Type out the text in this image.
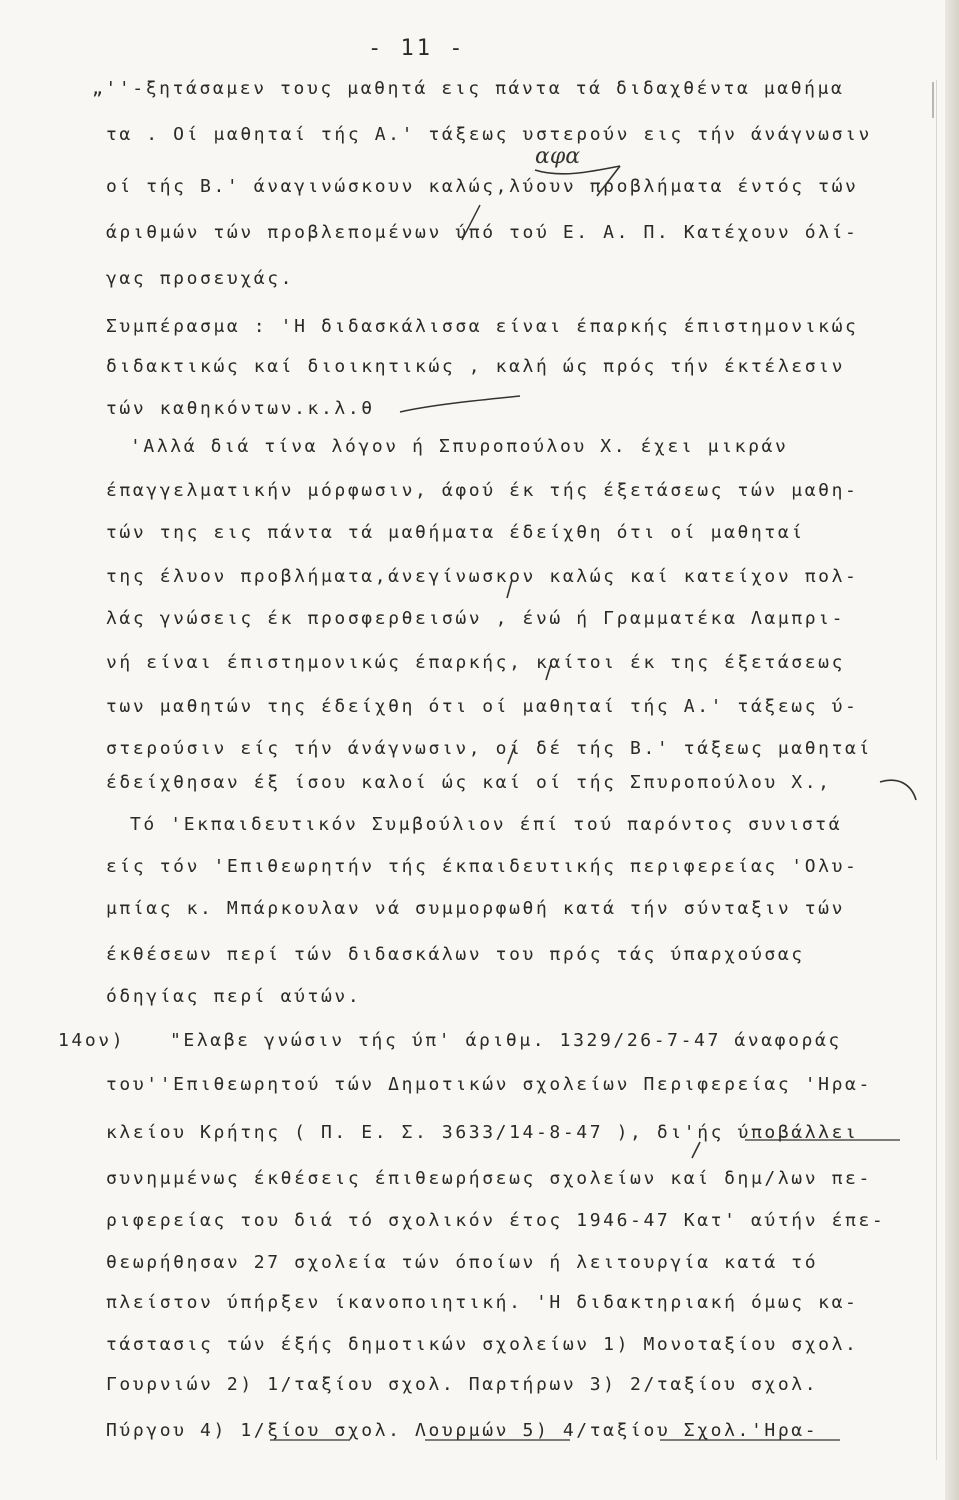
- 11 -
„''-ξητάσαμεν τους μαθητά εις πάντα τά διδαχθέντα μαθήμα
τα . Οί μαθηταί τής Α.' τάξεως υστερούν εις τήν άνάγνωσιν
οί τής Β.' άναγινώσκουν καλώς,λύουν προβλήματα έντός τών
άριθμών τών προβλεπομένων ύπό τού Ε. Α. Π. Κατέχουν όλί-
γας προσευχάς.
Συμπέρασμα : 'Η διδασκάλισσα είναι έπαρκής έπιστημονικώς
διδακτικώς καί διοικητικώς , καλή ώς πρός τήν έκτέλεσιν
τών καθηκόντων.κ.λ.θ
'Αλλά διά τίνα λόγον ή Σπυροπούλου Χ. έχει μικράν
έπαγγελματικήν μόρφωσιν, άφού έκ τής έξετάσεως τών μαθη-
τών της εις πάντα τά μαθήματα έδείχθη ότι οί μαθηταί
της έλυον προβλήματα,άνεγίνωσκον καλώς καί κατείχον πολ-
λάς γνώσεις έκ προσφερθεισών , ένώ ή Γραμματέκα Λαμπρι-
νή είναι έπιστημονικώς έπαρκής, καίτοι έκ της έξετάσεως
των μαθητών της έδείχθη ότι οί μαθηταί τής Α.' τάξεως ύ-
στερούσιν είς τήν άνάγνωσιν, οί δέ τής Β.' τάξεως μαθηταί
έδείχθησαν έξ ίσου καλοί ώς καί οί τής Σπυροπούλου Χ.,
Τό 'Εκπαιδευτικόν Συμβούλιον έπί τού παρόντος συνιστά
είς τόν 'Επιθεωρητήν τής έκπαιδευτικής περιφερείας 'Ολυ-
μπίας κ. Μπάρκουλαν νά συμμορφωθή κατά τήν σύνταξιν τών
έκθέσεων περί τών διδασκάλων του πρός τάς ύπαρχούσας
όδηγίας περί αύτών.
14ον) "Ελαβε γνώσιν τής ύπ' άριθμ. 1329/26-7-47 άναφοράς
του''Επιθεωρητού τών Δημοτικών σχολείων Περιφερείας 'Ηρα-
κλείου Κρήτης ( Π. Ε. Σ. 3633/14-8-47 ), δι'ής ύποβάλλει
συνημμένως έκθέσεις έπιθεωρήσεως σχολείων καί δημ/λων πε-
ριφερείας του διά τό σχολικόν έτος 1946-47 Κατ' αύτήν έπε-
θεωρήθησαν 27 σχολεία τών όποίων ή λειτουργία κατά τό
πλείστον ύπήρξεν ίκανοποιητική. 'Η διδακτηριακή όμως κα-
τάστασις τών έξής δημοτικών σχολείων 1) Μονοταξίου σχολ.
Γουρνιών 2) 1/ταξίου σχολ. Παρτήρων 3) 2/ταξίου σχολ.
Πύργου 4) 1/ξίου σχολ. Λουρμών 5) 4/ταξίου Σχολ.'Ηρα-
αφα
